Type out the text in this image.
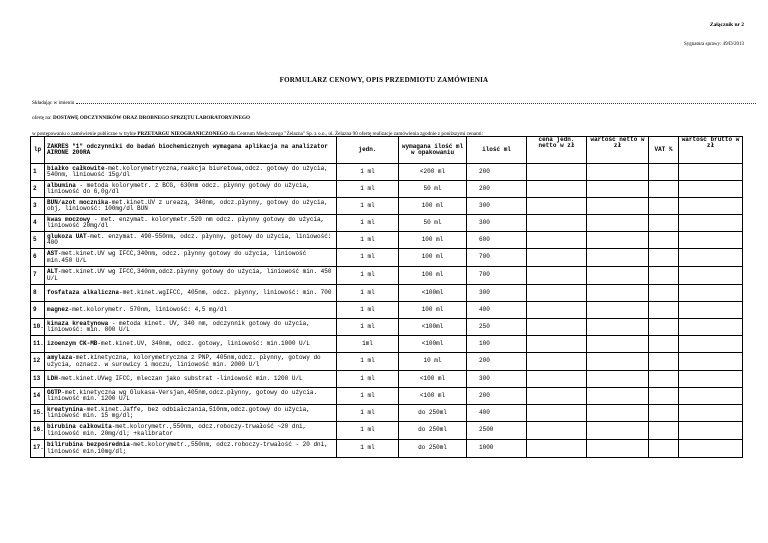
Załącznik nr 2
Sygnatura sprawy: 49/D/2013
FORMULARZ CENOWY, OPIS PRZEDMIOTU ZAMÓWIENIA
Składając w imieniu
ofertę na: DOSTAWĘ ODCZYNNIKÓW ORAZ DROBNEGO SPRZĘTU LABORATORYJNEGO
w postępowaniu o zamówienie publiczne w trybie PRZETARGU NIEOGRANICZONEGO dla Centrum Medycznego "Żelazna" Sp. z o.o., ul. Żelazna 90 ofertę realizacje zamówienia zgodnie z poniższymi cenami:
lp	ZAKRES "1" odczynniki do badań biochemicznych wymagana aplikacja na analizator AIRONE 200RA	jedn.	wymagana ilość ml w opakowaniu	ilość ml	cena jedn. netto w zł	wartość netto w zł	VAT %	wartość brutto w zł
1	białko całkowite-met.kolorymetryczna,reakcja biuretowa,odcz. gotowy do użycia, 540nm, liniowość 15g/dl	1 ml	<200 ml	200				
2	albumina - metoda kolorymetr. z BCG, 630nm odcz. płynny gotowy do użycia, liniowość do 6,0g/dl	1 ml	50 ml	200				
3	BUN/azot mocznika-met.kinet.UV z ureazą, 340nm, odcz.płynny, gotowy do użycia, obj, liniowość: 100mg/dl BUN	1 ml	100 ml	300				
4	kwas moczowy - met. enzymat. kolorymetr.520 nm odcz. płynny gotowy do użycia, liniowość 20mg/dl	1 ml	50 ml	300				
5	glukoza UAT-met. enzymat. 490-550nm, odcz. płynny, gotowy do użycia, liniowość: 400	1 ml	100 ml	600				
6	AST-met.kinet.UV wg IFCC,340nm, odcz. płynny gotowy do użycia, liniowość min.450 U/L	1 ml	100 ml	700				
7	ALT-met.kinet.UV wg IFCC,340nm,odcz.płynny gotowy do użycia, liniowość min. 450 U/L	1 ml	100 ml	700				
8	fosfataza alkaliczna-met.kinet.wgIFCC, 405nm, odcz. płynny, liniowość: min. 700	1 ml	<100ml	300				
9	magnez-met.kolorymetr. 570nm, liniowość: 4,5 mg/dl	1 ml	100 ml	400				
10.	kinaza kreatynowa - metoda kinet. UV, 340 nm, odczynnik gotowy do użycia, liniowość: min. 800 U/L	1 ml	<100ml	250				
11.	izoenzym CK-MB-met.kinet.UV, 340nm, odcz. gotowy, liniowość: min.1000 U/L	1ml	<100ml	100				
12	amylaza-met.kinetyczna, kolorymetryczna z PNP, 405nm,odcz. płynny, gotowy do użycia, oznacz. w surowicy i moczu, liniowość min. 2000 U/l	1 ml	10 ml	200				
13	LDH-met.kinet.UVwg IFCC, mleczan jako substrat -liniowość min. 1200 U/L	1 ml	<100 ml	300				
14	GGTP-met.kinetyczna wg Glukasa-Versjan,405nm,odcz.płynny, gotowy do użycia. liniowość min. 1200 U/L	1 ml	<100 ml	200				
15.	kreatynina-met.kinet.Jaffe, bez odbiałczania,510nm,odcz.gotowy do użycia, liniowość min. 15 mg/dl;	1 ml	do 250ml	400				
16.	birubina całkowita-met.kolorymetr.,550nm, odcz.roboczy-trwałość ~20 dni, liniowość min. 20mg/dl; +kalibrator	1 ml	do 250ml	2500				
17.	bilirubina bezpośrednia-met.kolorymetr.,550nm, odcz.roboczy-trwałość - 20 dni, liniowość min.10mg/dl;	1 ml	do 250ml	1000				
